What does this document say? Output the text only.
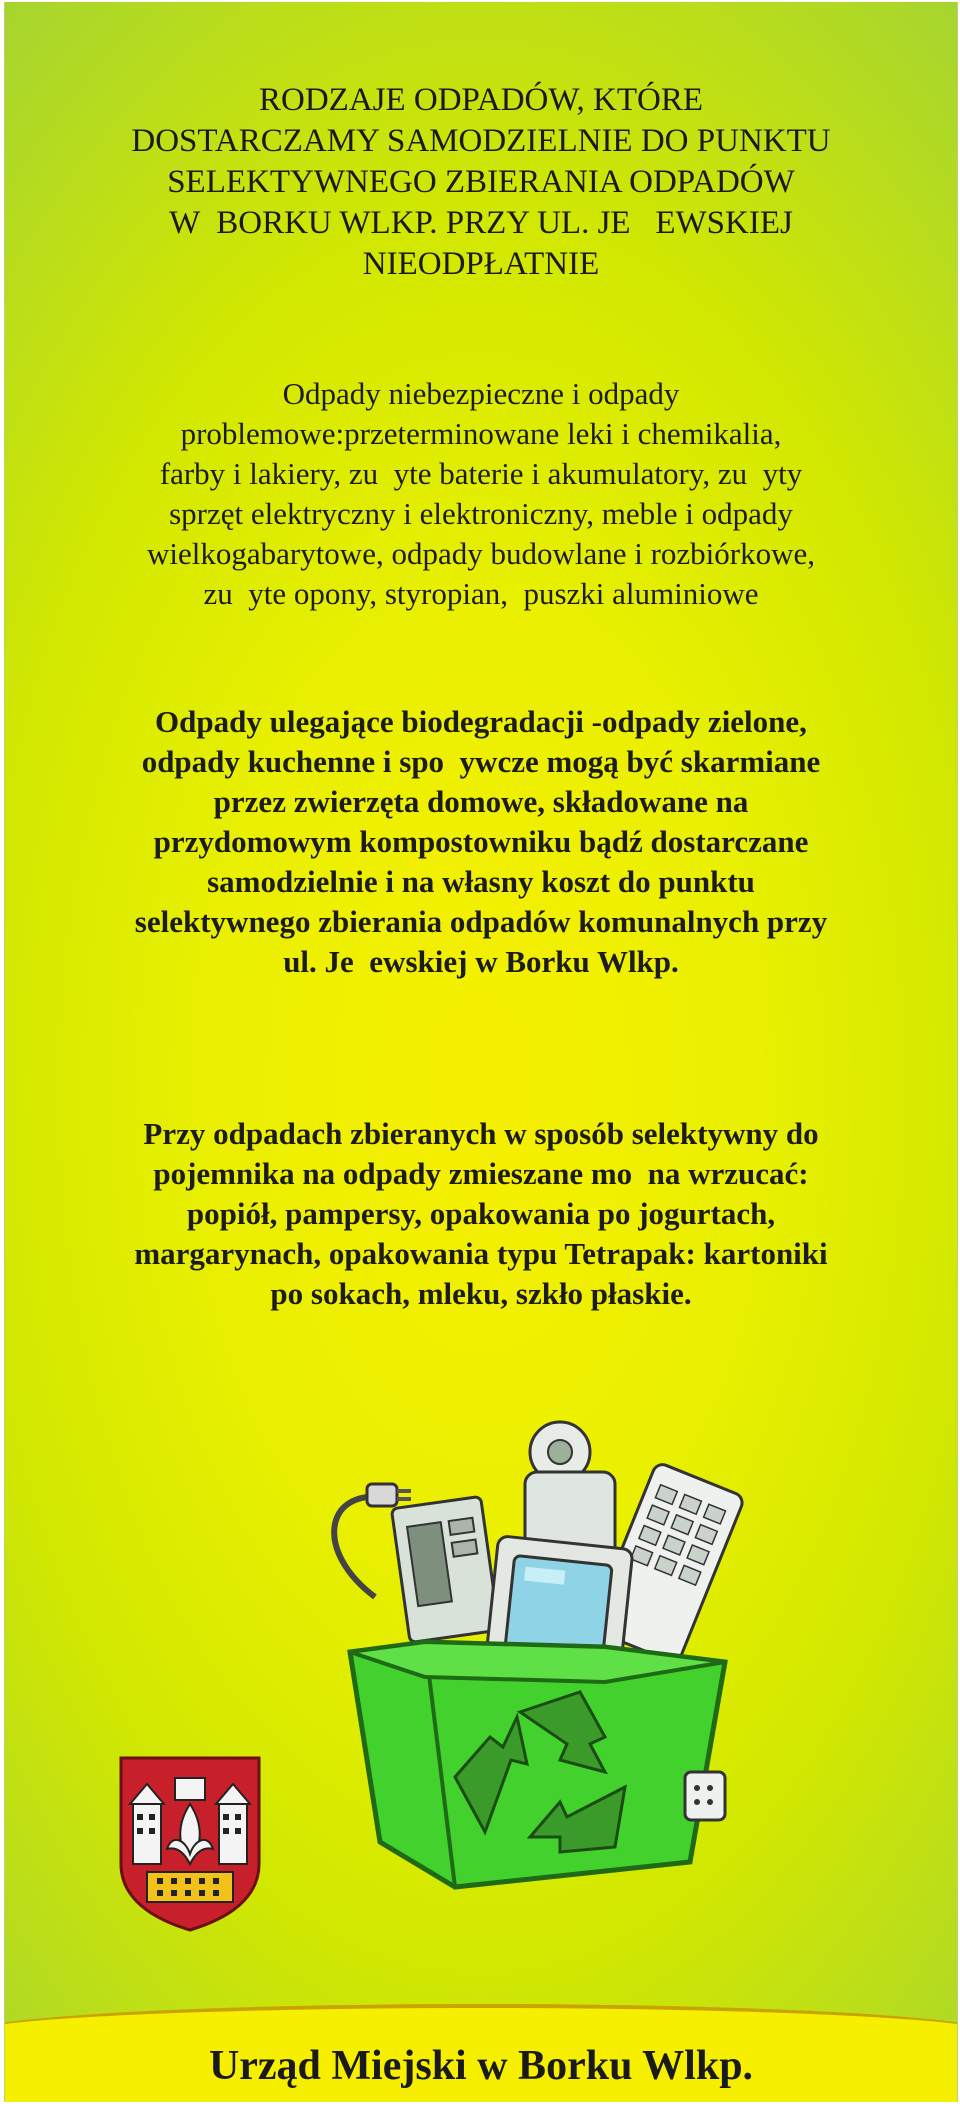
RODZAJE ODPADÓW, KTÓRE
DOSTARCZAMY SAMODZIELNIE DO PUNKTU
SELEKTYWNEGO ZBIERANIA ODPADÓW
W  BORKU WLKP. PRZY UL. JE   EWSKIEJ
NIEODPŁATNIE
Odpady niebezpieczne i odpady
problemowe:przeterminowane leki i chemikalia,
farby i lakiery, zu  yte baterie i akumulatory, zu  yty
sprzęt elektryczny i elektroniczny, meble i odpady
wielkogabarytowe, odpady budowlane i rozbiórkowe,
zu  yte opony, styropian,  puszki aluminiowe
Odpady ulegające biodegradacji -odpady zielone,
odpady kuchenne i spo  ywcze mogą być skarmiane
przez zwierzęta domowe, składowane na
przydomowym kompostowniku bądź dostarczane
samodzielnie i na własny koszt do punktu
selektywnego zbierania odpadów komunalnych przy
ul. Je  ewskiej w Borku Wlkp.
Przy odpadach zbieranych w sposób selektywny do
pojemnika na odpady zmieszane mo  na wrzucać:
popiół, pampersy, opakowania po jogurtach,
margarynach, opakowania typu Tetrapak: kartoniki
po sokach, mleku, szkło płaskie.
Urząd Miejski w Borku Wlkp.
